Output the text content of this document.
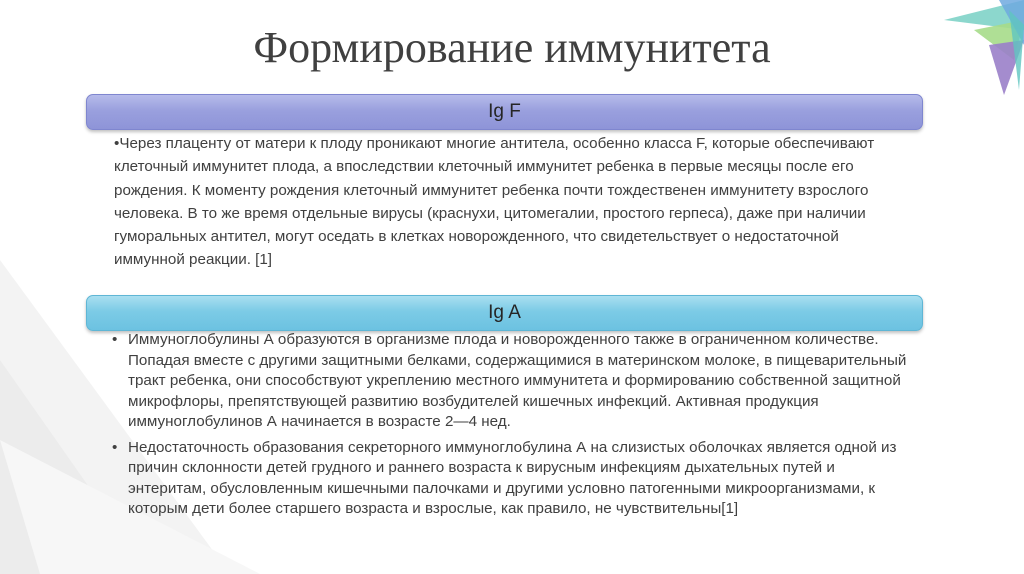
Формирование иммунитета
Ig F
•Через плаценту от матери к плоду проникают многие антитела, особенно класса F, которые обеспечивают клеточный иммунитет плода, а впоследствии клеточный иммунитет ребенка в первые месяцы после его рождения. К моменту рождения клеточный иммунитет ребенка почти тождественен иммунитету взрослого человека. В то же время отдельные вирусы (краснухи, цитомегалии, простого герпеса), даже при наличии гуморальных антител, могут оседать в клетках новорожденного, что свидетельствует о недостаточной иммунной реакции. [1]
Ig A
• Иммуноглобулины А образуются в организме плода и новорожденного также в ограниченном количестве. Попадая вместе с другими защитными белками, содержащимися в материнском молоке, в пищеварительный тракт ребенка, они способствуют укреплению местного иммунитета и формированию собственной защитной микрофлоры, препятствующей развитию возбудителей кишечных инфекций. Активная продукция иммуноглобулинов А начинается в возрасте 2—4 нед.
• Недостаточность образования секреторного иммуноглобулина А на слизистых оболочках является одной из причин склонности детей грудного и раннего возраста к вирусным инфекциям дыхательных путей и энтеритам, обусловленным кишечными палочками и другими условно патогенными микроорганизмами, к которым дети более старшего возраста и взрослые, как правило, не чувствительны[1]
